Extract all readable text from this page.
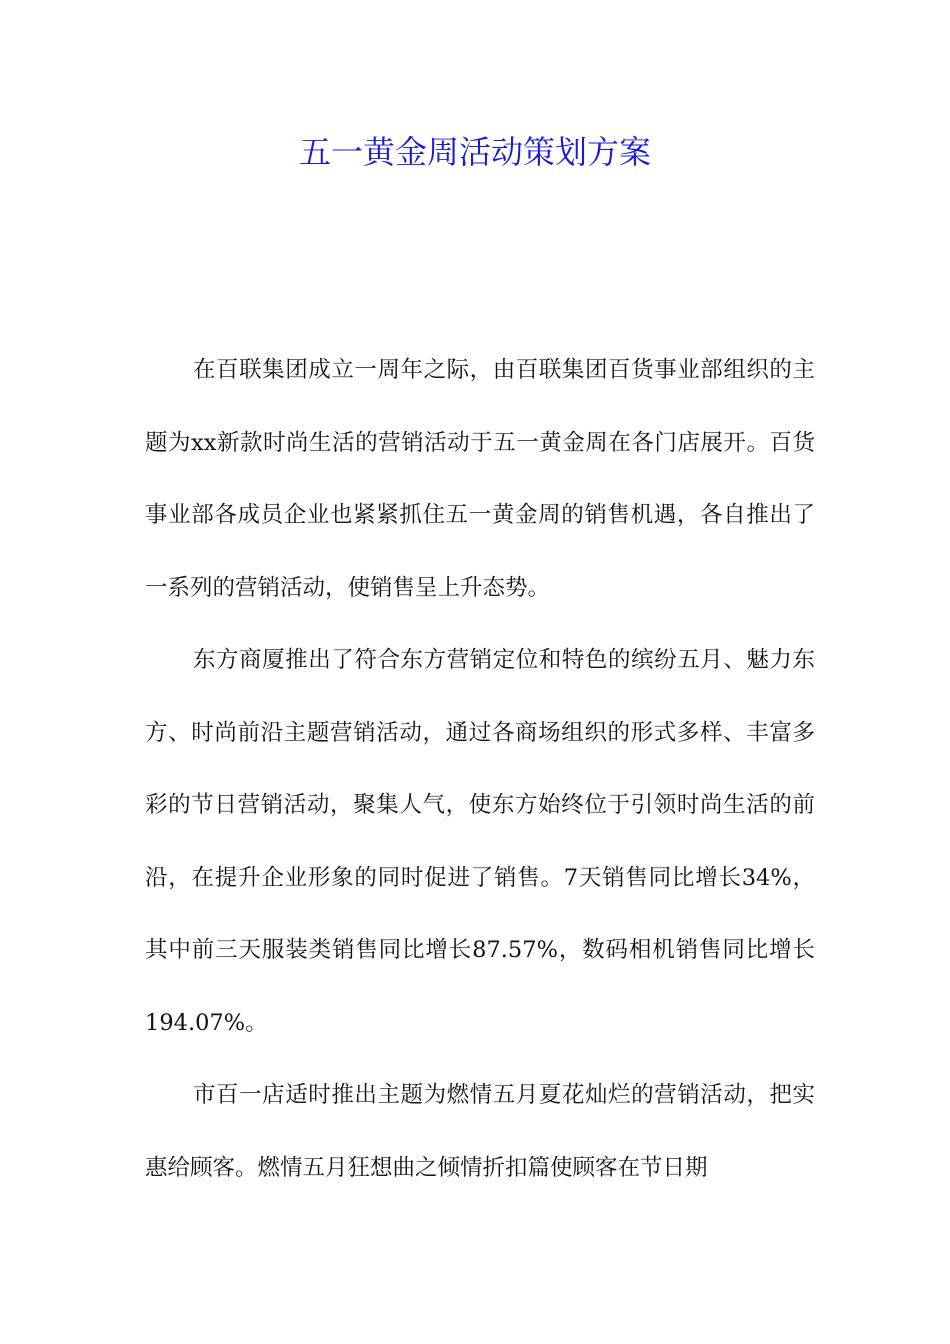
五一黄金周活动策划方案

在百联集团成立一周年之际，由百联集团百货事业部组织的主题为xx新款时尚生活的营销活动于五一黄金周在各门店展开。百货事业部各成员企业也紧紧抓住五一黄金周的销售机遇，各自推出了一系列的营销活动，使销售呈上升态势。

东方商厦推出了符合东方营销定位和特色的缤纷五月、魅力东方、时尚前沿主题营销活动，通过各商场组织的形式多样、丰富多彩的节日营销活动，聚集人气，使东方始终位于引领时尚生活的前沿，在提升企业形象的同时促进了销售。7天销售同比增长34%，其中前三天服装类销售同比增长87.57%，数码相机销售同比增长194.07%。

市百一店适时推出主题为燃情五月夏花灿烂的营销活动，把实惠给顾客。燃情五月狂想曲之倾情折扣篇使顾客在节日期
